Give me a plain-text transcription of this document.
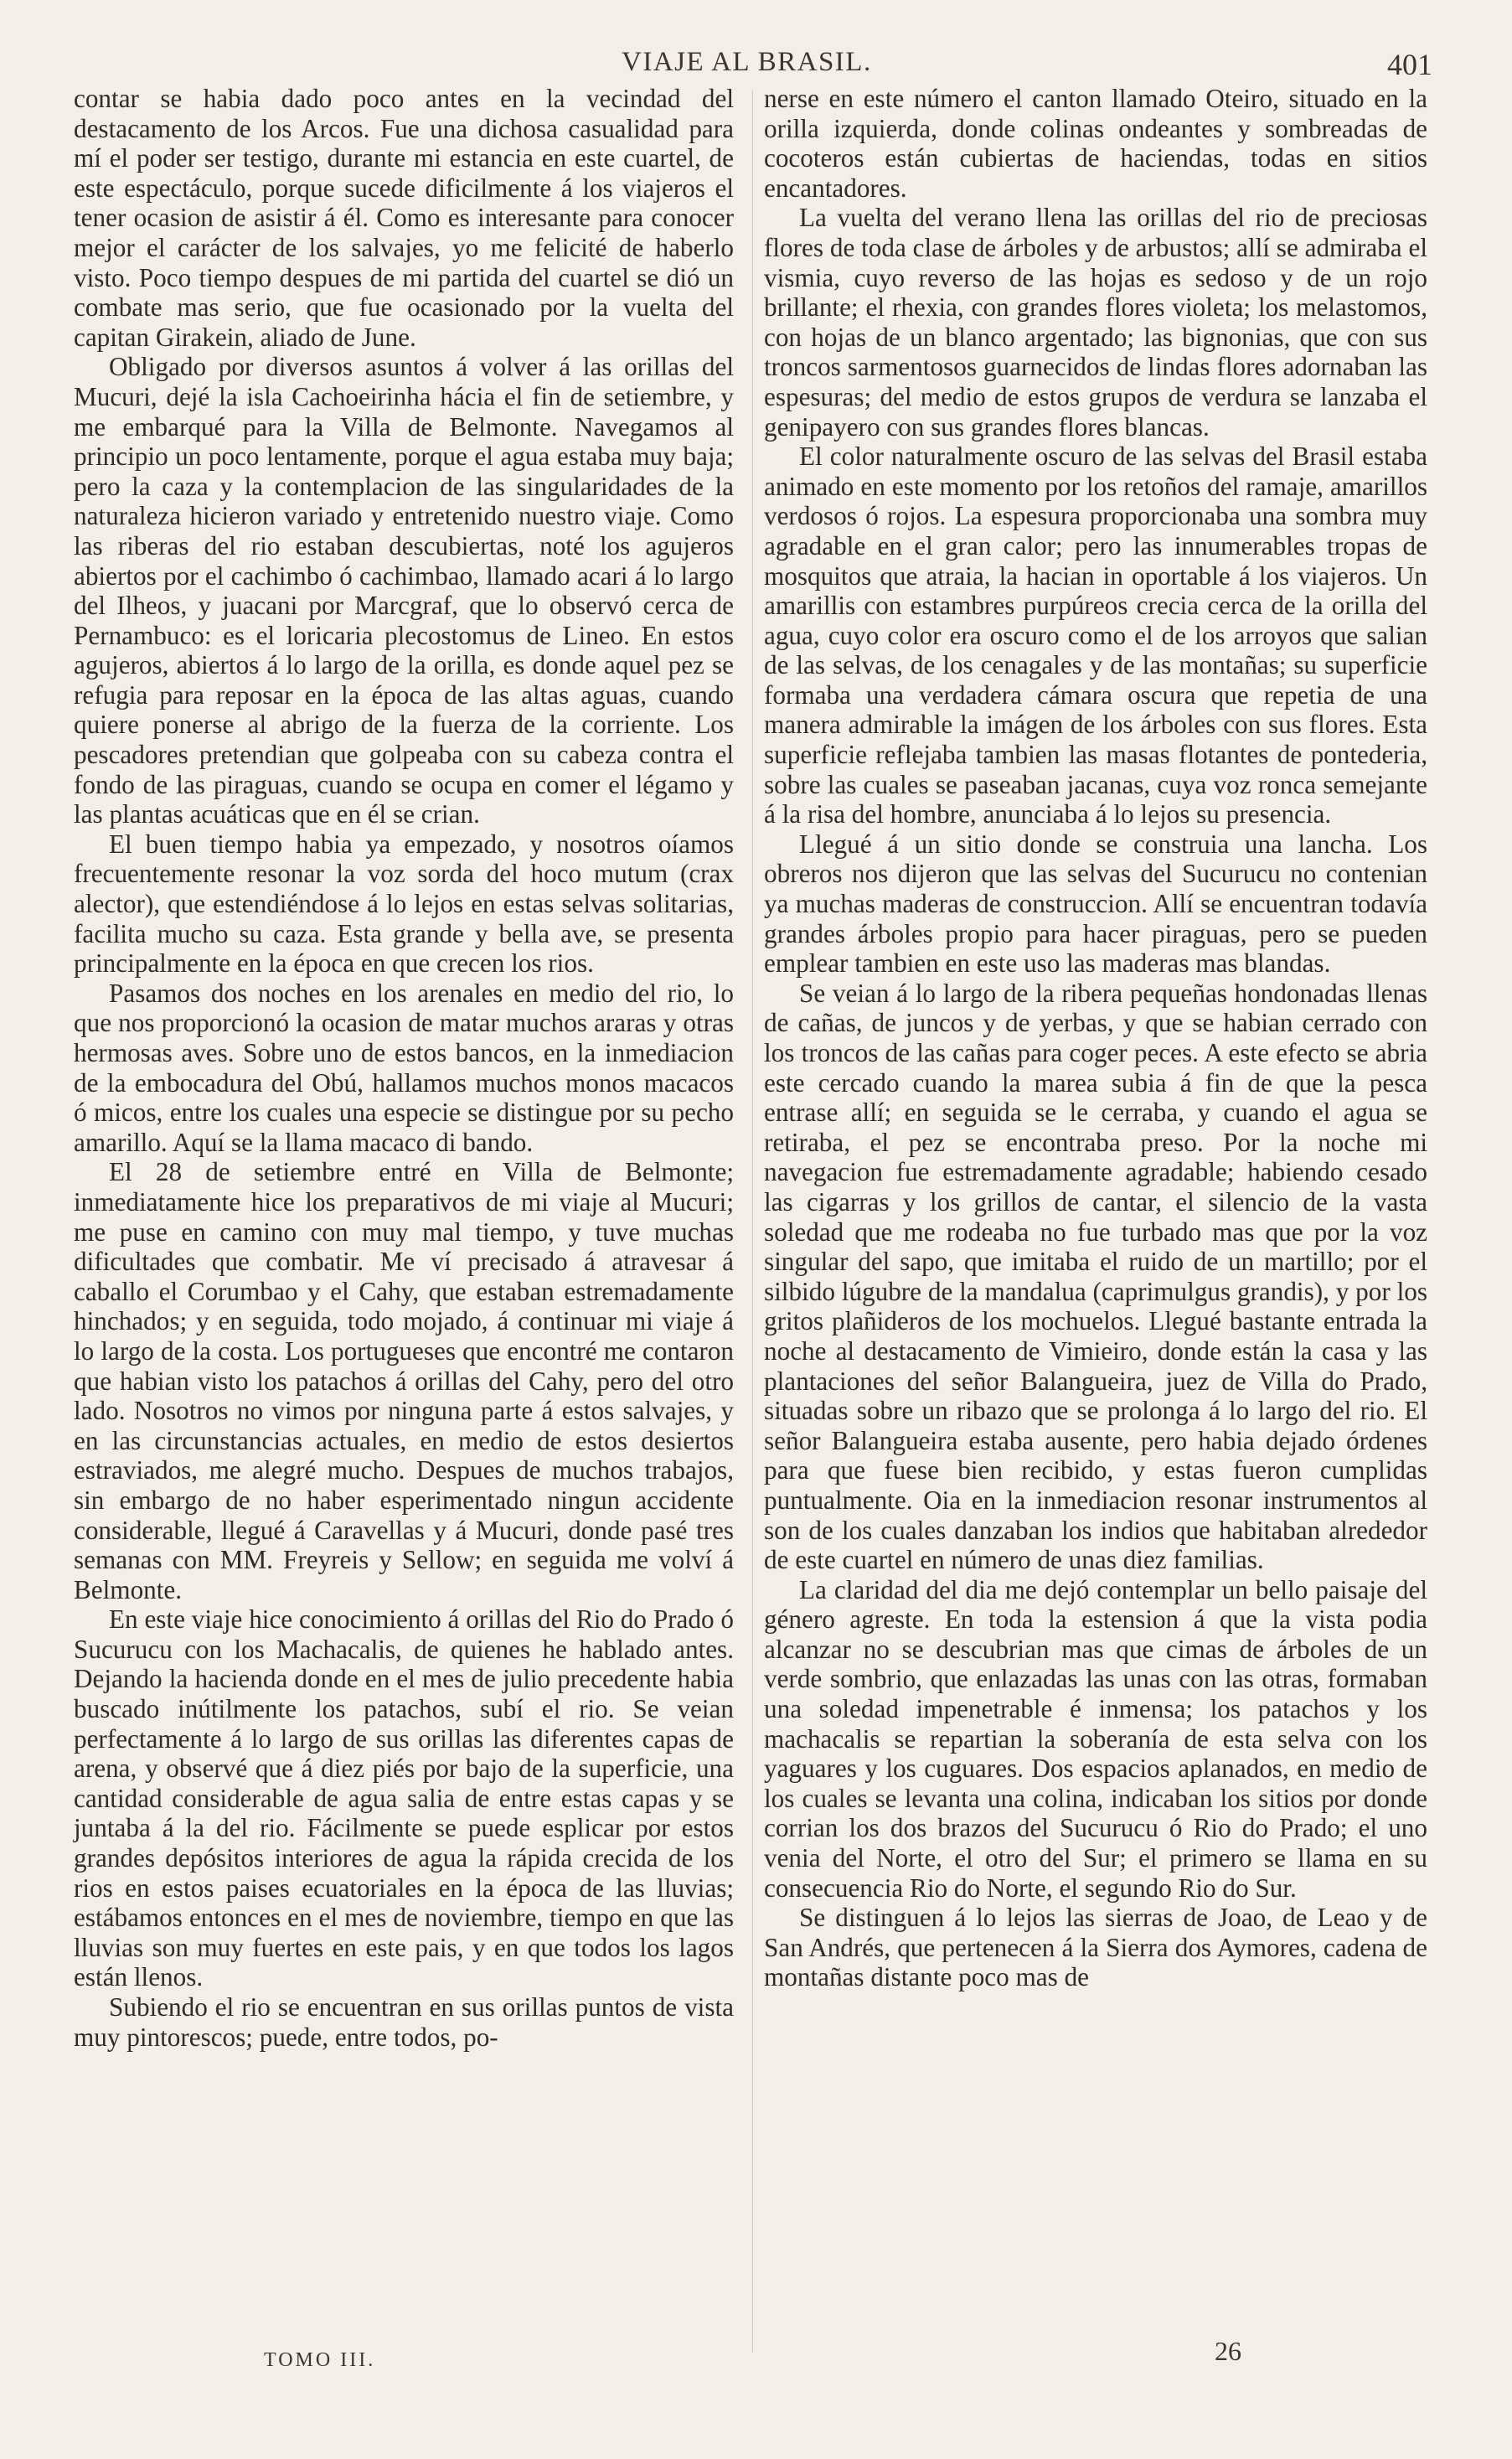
VIAJE AL BRASIL.	401

contar se habia dado poco antes en la vecindad del destacamento de los Arcos. Fue una dichosa casualidad para mí el poder ser testigo, durante mi estancia en este cuartel, de este espectáculo, porque sucede dificilmente á los viajeros el tener ocasion de asistir á él. Como es interesante para conocer mejor el carácter de los salvajes, yo me felicité de haberlo visto. Poco tiempo despues de mi partida del cuartel se dió un combate mas serio, que fue ocasionado por la vuelta del capitan Girakein, aliado de June.

Obligado por diversos asuntos á volver á las orillas del Mucuri, dejé la isla Cachoeirinha hácia el fin de setiembre, y me embarqué para la Villa de Belmonte. Navegamos al principio un poco lentamente, porque el agua estaba muy baja; pero la caza y la contemplacion de las singularidades de la naturaleza hicieron variado y entretenido nuestro viaje. Como las riberas del rio estaban descubiertas, noté los agujeros abiertos por el cachimbo ó cachimbao, llamado acari á lo largo del Ilheos, y juacani por Marcgraf, que lo observó cerca de Pernambuco: es el loricaria plecostomus de Lineo. En estos agujeros, abiertos á lo largo de la orilla, es donde aquel pez se refugia para reposar en la época de las altas aguas, cuando quiere ponerse al abrigo de la fuerza de la corriente. Los pescadores pretendian que golpeaba con su cabeza contra el fondo de las piraguas, cuando se ocupa en comer el légamo y las plantas acuáticas que en él se crian.

El buen tiempo habia ya empezado, y nosotros oíamos frecuentemente resonar la voz sorda del hoco mutum (crax alector), que estendiéndose á lo lejos en estas selvas solitarias, facilita mucho su caza. Esta grande y bella ave, se presenta principalmente en la época en que crecen los rios.

Pasamos dos noches en los arenales en medio del rio, lo que nos proporcionó la ocasion de matar muchos araras y otras hermosas aves. Sobre uno de estos bancos, en la inmediacion de la embocadura del Obú, hallamos muchos monos macacos ó micos, entre los cuales una especie se distingue por su pecho amarillo. Aquí se la llama macaco di bando.

El 28 de setiembre entré en Villa de Belmonte; inmediatamente hice los preparativos de mi viaje al Mucuri; me puse en camino con muy mal tiempo, y tuve muchas dificultades que combatir. Me ví precisado á atravesar á caballo el Corumbao y el Cahy, que estaban estremadamente hinchados; y en seguida, todo mojado, á continuar mi viaje á lo largo de la costa. Los portugueses que encontré me contaron que habian visto los patachos á orillas del Cahy, pero del otro lado. Nosotros no vimos por ninguna parte á estos salvajes, y en las circunstancias actuales, en medio de estos desiertos estraviados, me alegré mucho. Despues de muchos trabajos, sin embargo de no haber esperimentado ningun accidente considerable, llegué á Caravellas y á Mucuri, donde pasé tres semanas con MM. Freyreis y Sellow; en seguida me volví á Belmonte.

En este viaje hice conocimiento á orillas del Rio do Prado ó Sucurucu con los Machacalis, de quienes he hablado antes. Dejando la hacienda donde en el mes de julio precedente habia buscado inútilmente los patachos, subí el rio. Se veian perfectamente á lo largo de sus orillas las diferentes capas de arena, y observé que á diez piés por bajo de la superficie, una cantidad considerable de agua salia de entre estas capas y se juntaba á la del rio. Fácilmente se puede esplicar por estos grandes depósitos interiores de agua la rápida crecida de los rios en estos paises ecuatoriales en la época de las lluvias; estábamos entonces en el mes de noviembre, tiempo en que las lluvias son muy fuertes en este pais, y en que todos los lagos están llenos.

Subiendo el rio se encuentran en sus orillas puntos de vista muy pintorescos; puede, entre todos, po-

nerse en este número el canton llamado Oteiro, situado en la orilla izquierda, donde colinas ondeantes y sombreadas de cocoteros están cubiertas de haciendas, todas en sitios encantadores.

La vuelta del verano llena las orillas del rio de preciosas flores de toda clase de árboles y de arbustos; allí se admiraba el vismia, cuyo reverso de las hojas es sedoso y de un rojo brillante; el rhexia, con grandes flores violeta; los melastomos, con hojas de un blanco argentado; las bignonias, que con sus troncos sarmentosos guarnecidos de lindas flores adornaban las espesuras; del medio de estos grupos de verdura se lanzaba el genipayero con sus grandes flores blancas.

El color naturalmente oscuro de las selvas del Brasil estaba animado en este momento por los retoños del ramaje, amarillos verdosos ó rojos. La espesura proporcionaba una sombra muy agradable en el gran calor; pero las innumerables tropas de mosquitos que atraia, la hacian in oportable á los viajeros. Un amarillis con estambres purpúreos crecia cerca de la orilla del agua, cuyo color era oscuro como el de los arroyos que salian de las selvas, de los cenagales y de las montañas; su superficie formaba una verdadera cámara oscura que repetia de una manera admirable la imágen de los árboles con sus flores. Esta superficie reflejaba tambien las masas flotantes de pontederia, sobre las cuales se paseaban jacanas, cuya voz ronca semejante á la risa del hombre, anunciaba á lo lejos su presencia.

Llegué á un sitio donde se construia una lancha. Los obreros nos dijeron que las selvas del Sucurucu no contenian ya muchas maderas de construccion. Allí se encuentran todavía grandes árboles propio para hacer piraguas, pero se pueden emplear tambien en este uso las maderas mas blandas.

Se veian á lo largo de la ribera pequeñas hondonadas llenas de cañas, de juncos y de yerbas, y que se habian cerrado con los troncos de las cañas para coger peces. A este efecto se abria este cercado cuando la marea subia á fin de que la pesca entrase allí; en seguida se le cerraba, y cuando el agua se retiraba, el pez se encontraba preso. Por la noche mi navegacion fue estremadamente agradable; habiendo cesado las cigarras y los grillos de cantar, el silencio de la vasta soledad que me rodeaba no fue turbado mas que por la voz singular del sapo, que imitaba el ruido de un martillo; por el silbido lúgubre de la mandalua (caprimulgus grandis), y por los gritos plañideros de los mochuelos. Llegué bastante entrada la noche al destacamento de Vimieiro, donde están la casa y las plantaciones del señor Balangueira, juez de Villa do Prado, situadas sobre un ribazo que se prolonga á lo largo del rio. El señor Balangueira estaba ausente, pero habia dejado órdenes para que fuese bien recibido, y estas fueron cumplidas puntualmente. Oia en la inmediacion resonar instrumentos al son de los cuales danzaban los indios que habitaban alrededor de este cuartel en número de unas diez familias.

La claridad del dia me dejó contemplar un bello paisaje del género agreste. En toda la estension á que la vista podia alcanzar no se descubrian mas que cimas de árboles de un verde sombrio, que enlazadas las unas con las otras, formaban una soledad impenetrable é inmensa; los patachos y los machacalis se repartian la soberanía de esta selva con los yaguares y los cuguares. Dos espacios aplanados, en medio de los cuales se levanta una colina, indicaban los sitios por donde corrian los dos brazos del Sucurucu ó Rio do Prado; el uno venia del Norte, el otro del Sur; el primero se llama en su consecuencia Rio do Norte, el segundo Rio do Sur.

Se distinguen á lo lejos las sierras de Joao, de Leao y de San Andrés, que pertenecen á la Sierra dos Aymores, cadena de montañas distante poco mas de

TOMO III.	26
